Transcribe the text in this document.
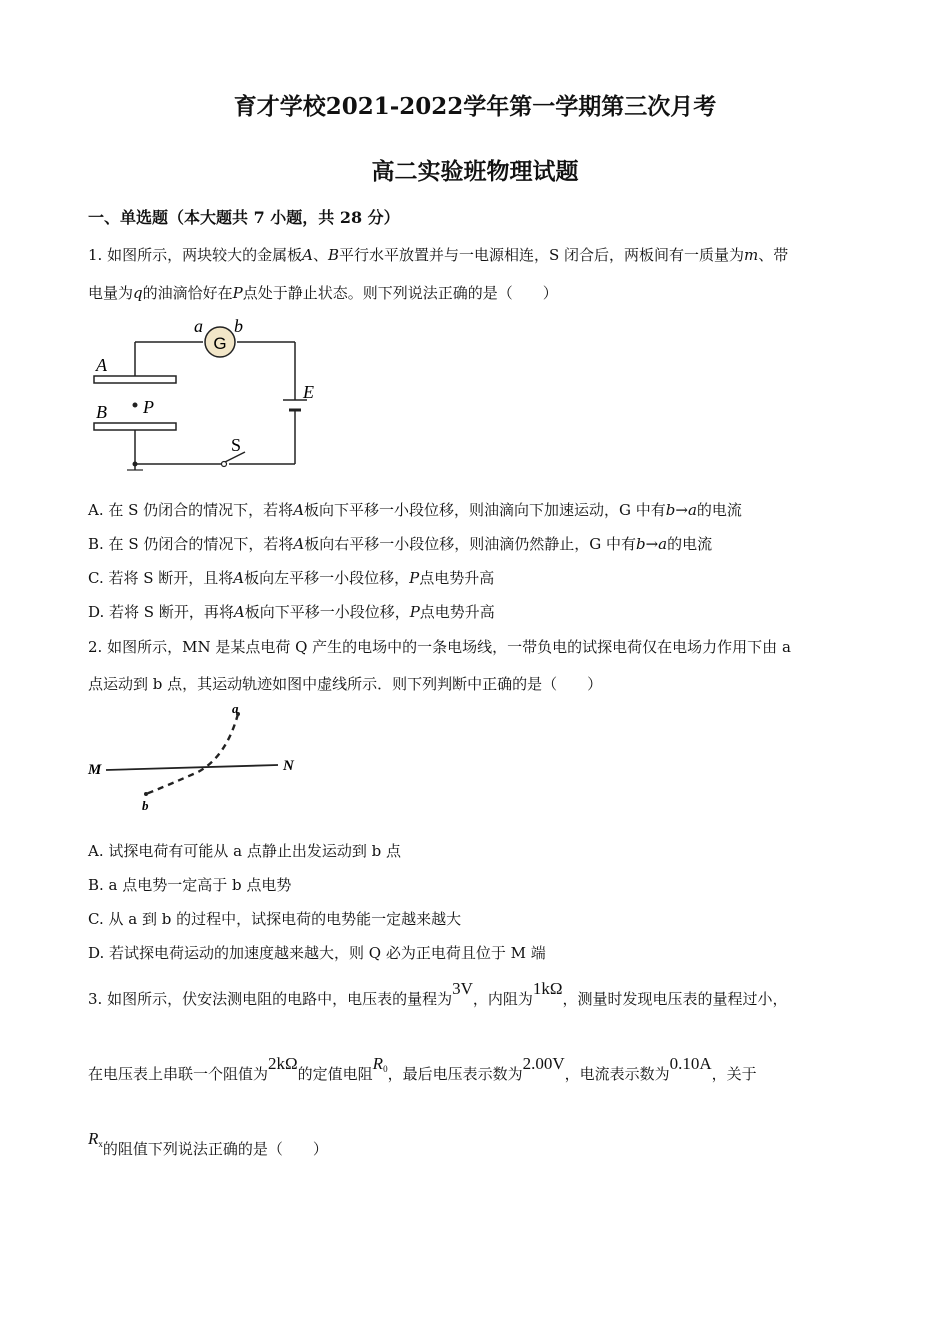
育才学校2021-2022学年第一学期第三次月考
高二实验班物理试题
一、单选题（本大题共 7 小题，共 28 分）
1. 如图所示，两块较大的金属板A、B平行水平放置并与一电源相连，S 闭合后，两板间有一质量为m、带
电量为q的油滴恰好在P点处于静止状态。则下列说法正确的是（　　）
a b
G
A
B P
E
S
A. 在 S 仍闭合的情况下，若将A板向下平移一小段位移，则油滴向下加速运动，G 中有b→a的电流
B. 在 S 仍闭合的情况下，若将A板向右平移一小段位移，则油滴仍然静止，G 中有b→a的电流
C. 若将 S 断开，且将A板向左平移一小段位移，P点电势升高
D. 若将 S 断开，再将A板向下平移一小段位移，P点电势升高
2. 如图所示，MN 是某点电荷 Q 产生的电场中的一条电场线，一带负电的试探电荷仅在电场力作用下由 a
点运动到 b 点，其运动轨迹如图中虚线所示．则下列判断中正确的是（　　）
M	N
a
b
A. 试探电荷有可能从 a 点静止出发运动到 b 点
B. a 点电势一定高于 b 点电势
C. 从 a 到 b 的过程中，试探电荷的电势能一定越来越大
D. 若试探电荷运动的加速度越来越大，则 Q 必为正电荷且位于 M 端
3. 如图所示，伏安法测电阻的电路中，电压表的量程为3V，内阻为1kΩ，测量时发现电压表的量程过小，
在电压表上串联一个阻值为2kΩ的定值电阻R0，最后电压表示数为2.00V，电流表示数为0.10A，关于
Rx的阻值下列说法正确的是（　　）
